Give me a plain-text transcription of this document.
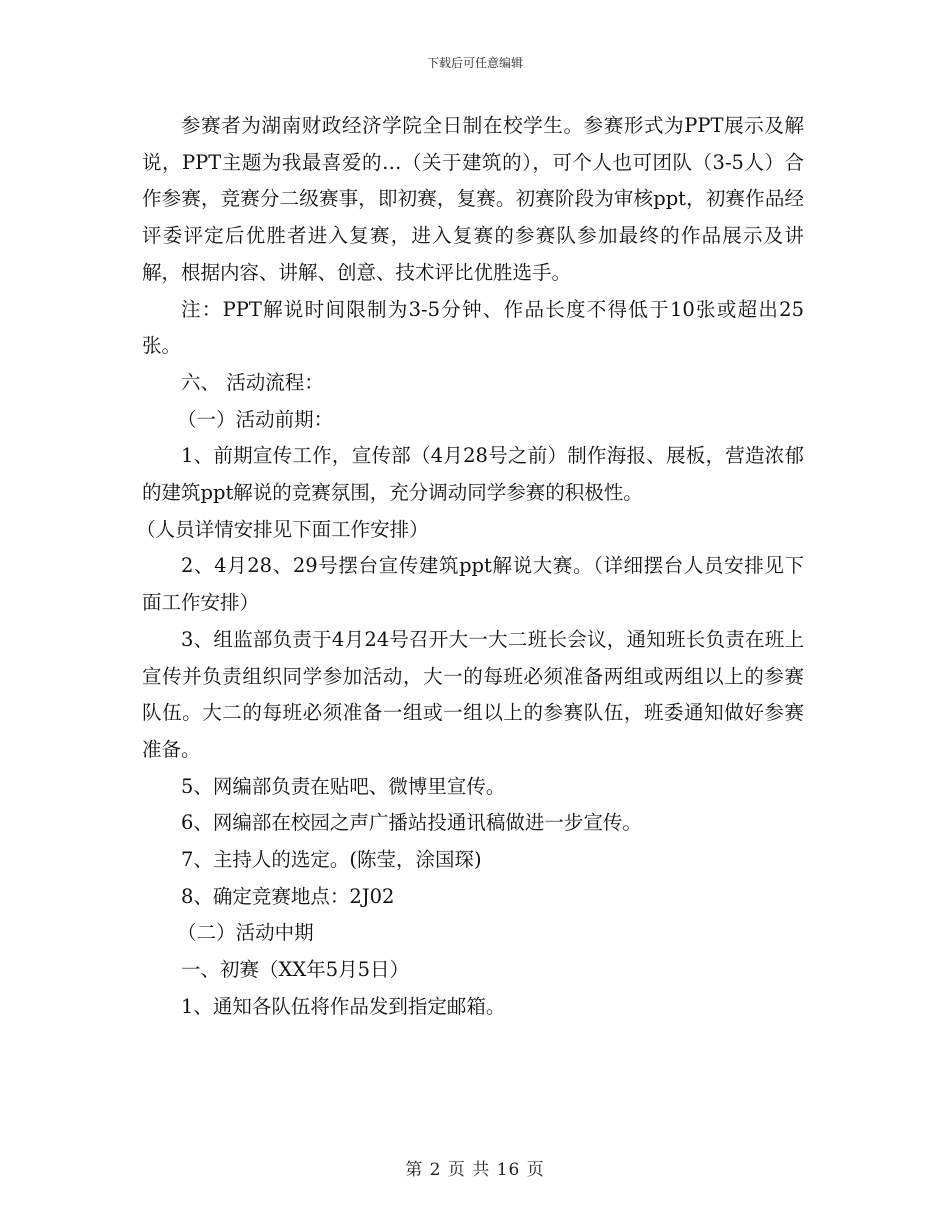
下载后可任意编辑

参赛者为湖南财政经济学院全日制在校学生。参赛形式为PPT展示及解说，PPT主题为我最喜爱的…（关于建筑的），可个人也可团队（3-5人）合作参赛，竞赛分二级赛事，即初赛，复赛。初赛阶段为审核ppt，初赛作品经评委评定后优胜者进入复赛，进入复赛的参赛队参加最终的作品展示及讲解，根据内容、讲解、创意、技术评比优胜选手。

注：PPT解说时间限制为3-5分钟、作品长度不得低于10张或超出25张。

六、 活动流程：

（一）活动前期：

1、前期宣传工作，宣传部（4月28号之前）制作海报、展板，营造浓郁的建筑ppt解说的竞赛氛围，充分调动同学参赛的积极性。

（人员详情安排见下面工作安排）

2、4月28、29号摆台宣传建筑ppt解说大赛。（详细摆台人员安排见下面工作安排）

3、组监部负责于4月24号召开大一大二班长会议，通知班长负责在班上宣传并负责组织同学参加活动，大一的每班必须准备两组或两组以上的参赛队伍。大二的每班必须准备一组或一组以上的参赛队伍，班委通知做好参赛准备。

5、网编部负责在贴吧、微博里宣传。

6、网编部在校园之声广播站投通讯稿做进一步宣传。

7、主持人的选定。(陈莹，涂国琛)

8、确定竞赛地点：2J02

（二）活动中期

一、初赛（XX年5月5日）

1、通知各队伍将作品发到指定邮箱。

第 2 页 共 16 页
